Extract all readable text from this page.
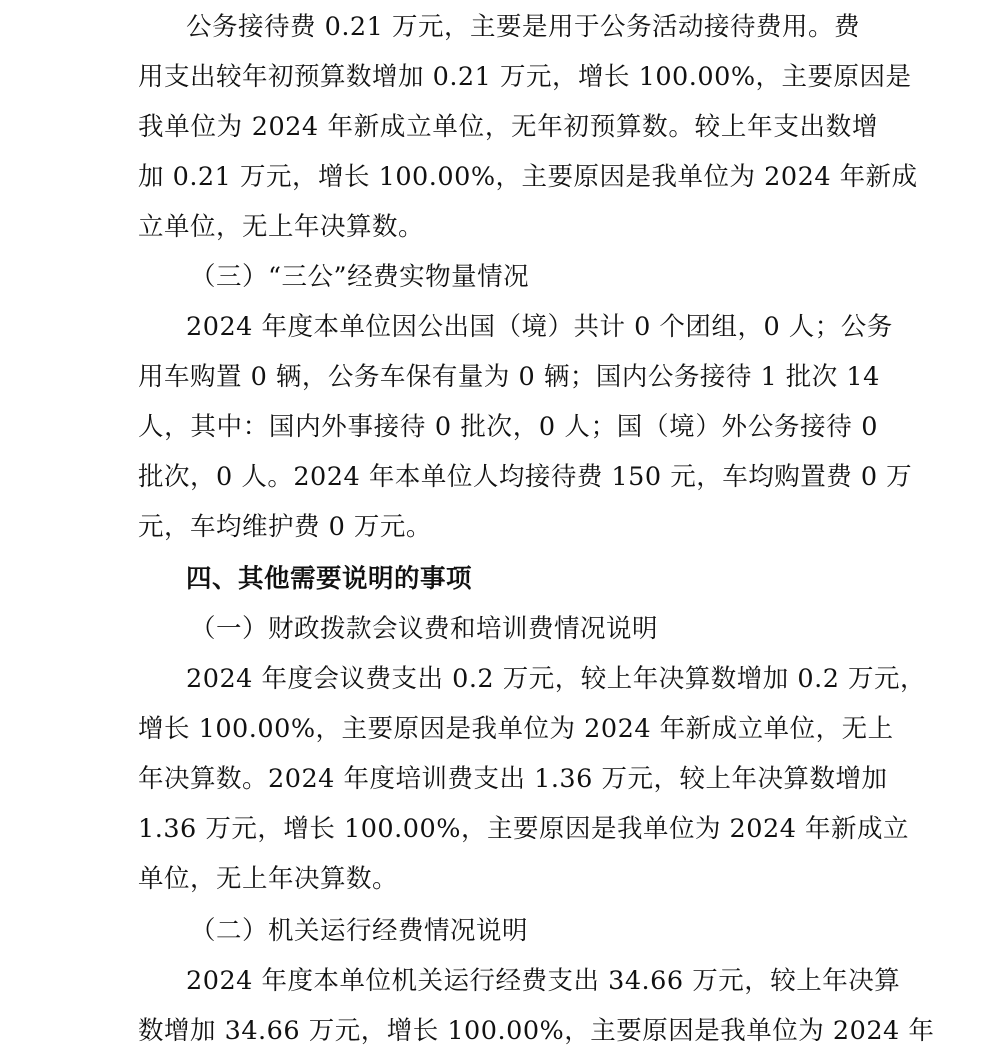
公务接待费 0.21 万元，主要是用于公务活动接待费用。费
用支出较年初预算数增加 0.21 万元，增长 100.00%，主要原因是
我单位为 2024 年新成立单位，无年初预算数。较上年支出数增
加 0.21 万元，增长 100.00%，主要原因是我单位为 2024 年新成
立单位，无上年决算数。
（三）“三公”经费实物量情况
2024 年度本单位因公出国（境）共计 0 个团组，0 人；公务
用车购置 0 辆，公务车保有量为 0 辆；国内公务接待 1 批次 14
人，其中：国内外事接待 0 批次，0 人；国（境）外公务接待 0
批次，0 人。2024 年本单位人均接待费 150 元，车均购置费 0 万
元，车均维护费 0 万元。
四、其他需要说明的事项
（一）财政拨款会议费和培训费情况说明
2024 年度会议费支出 0.2 万元，较上年决算数增加 0.2 万元，
增长 100.00%，主要原因是我单位为 2024 年新成立单位，无上
年决算数。2024 年度培训费支出 1.36 万元，较上年决算数增加
1.36 万元，增长 100.00%，主要原因是我单位为 2024 年新成立
单位，无上年决算数。
（二）机关运行经费情况说明
2024 年度本单位机关运行经费支出 34.66 万元，较上年决算
数增加 34.66 万元，增长 100.00%，主要原因是我单位为 2024 年
